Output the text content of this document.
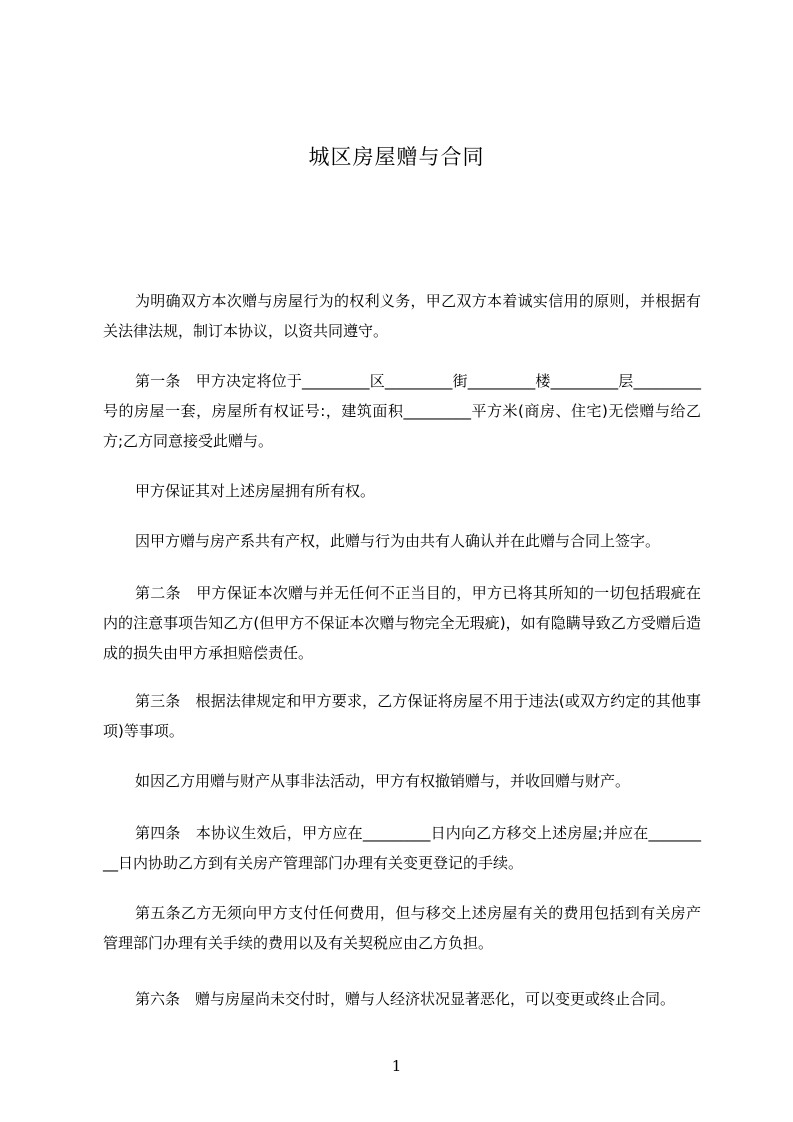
城区房屋赠与合同

为明确双方本次赠与房屋行为的权利义务，甲乙双方本着诚实信用的原则，并根据有关法律法规，制订本协议，以资共同遵守。

第一条　甲方决定将位于_________区_________街_________楼_________层_________号的房屋一套，房屋所有权证号:，建筑面积_________平方米(商房、住宅)无偿赠与给乙方;乙方同意接受此赠与。

甲方保证其对上述房屋拥有所有权。

因甲方赠与房产系共有产权，此赠与行为由共有人确认并在此赠与合同上签字。

第二条　甲方保证本次赠与并无任何不正当目的，甲方已将其所知的一切包括瑕疵在内的注意事项告知乙方(但甲方不保证本次赠与物完全无瑕疵)，如有隐瞒导致乙方受赠后造成的损失由甲方承担赔偿责任。

第三条　根据法律规定和甲方要求，乙方保证将房屋不用于违法(或双方约定的其他事项)等事项。

如因乙方用赠与财产从事非法活动，甲方有权撤销赠与，并收回赠与财产。

第四条　本协议生效后，甲方应在_________日内向乙方移交上述房屋;并应在_________日内协助乙方到有关房产管理部门办理有关变更登记的手续。

第五条乙方无须向甲方支付任何费用，但与移交上述房屋有关的费用包括到有关房产管理部门办理有关手续的费用以及有关契税应由乙方负担。

第六条　赠与房屋尚未交付时，赠与人经济状况显著恶化，可以变更或终止合同。

1
